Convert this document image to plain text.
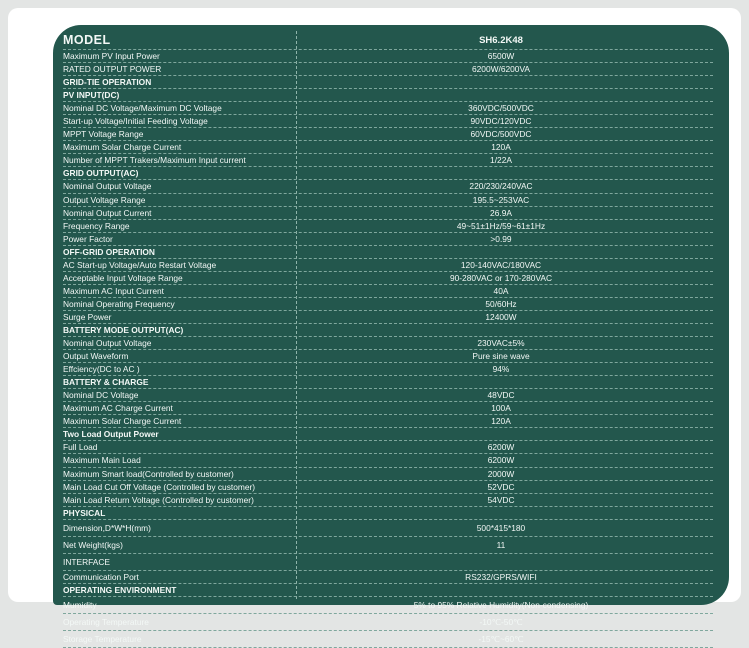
MODEL	SH6.2K48
Maximum PV Input Power	6500W
RATED OUTPUT POWER	6200W/6200VA
GRID-TIE OPERATION
PV INPUT(DC)
Nominal DC Voltage/Maximum DC Voltage	360VDC/500VDC
Start-up Voltage/Initial Feeding Voltage	90VDC/120VDC
MPPT Voltage Range	60VDC/500VDC
Maximum Solar Charge Current	120A
Number of MPPT Trakers/Maximum Input current	1/22A
GRID OUTPUT(AC)
Nominal Output Voltage	220/230/240VAC
Output Voltage Range	195.5~253VAC
Nominal Output Current	26.9A
Frequency Range	49~51±1Hz/59~61±1Hz
Power Factor	>0.99
OFF-GRID OPERATION
AC Start-up Voltage/Auto Restart Voltage	120-140VAC/180VAC
Acceptable Input Voltage Range	90-280VAC or 170-280VAC
Maximum AC Input Current	40A
Nominal Operating Frequency	50/60Hz
Surge Power	12400W
BATTERY MODE OUTPUT(AC)
Nominal Output Voltage	230VAC±5%
Output Waveform	Pure sine wave
Effciency(DC to AC )	94%
BATTERY & CHARGE
Nominal DC Voltage	48VDC
Maximum AC Charge Current	100A
Maximum Solar Charge Current	120A
Two Load Output Power
Full Load	6200W
Maximum Main Load	6200W
Maximum Smart load(Controlled by customer)	2000W
Main Load Cut Off Voltage (Controlled by customer)	52VDC
Main Load Return Voltage (Controlled by customer)	54VDC
PHYSICAL
Dimension,D*W*H(mm)	500*415*180
Net Weight(kgs)	11
INTERFACE
Communication Port	RS232/GPRS/WIFI
OPERATING ENVIRONMENT
Mumidity	5% to 95% Relative Humidity(Non-condensing)
Operating Temperature	-10℃-50℃
Storage Temperature	-15℃~60℃
